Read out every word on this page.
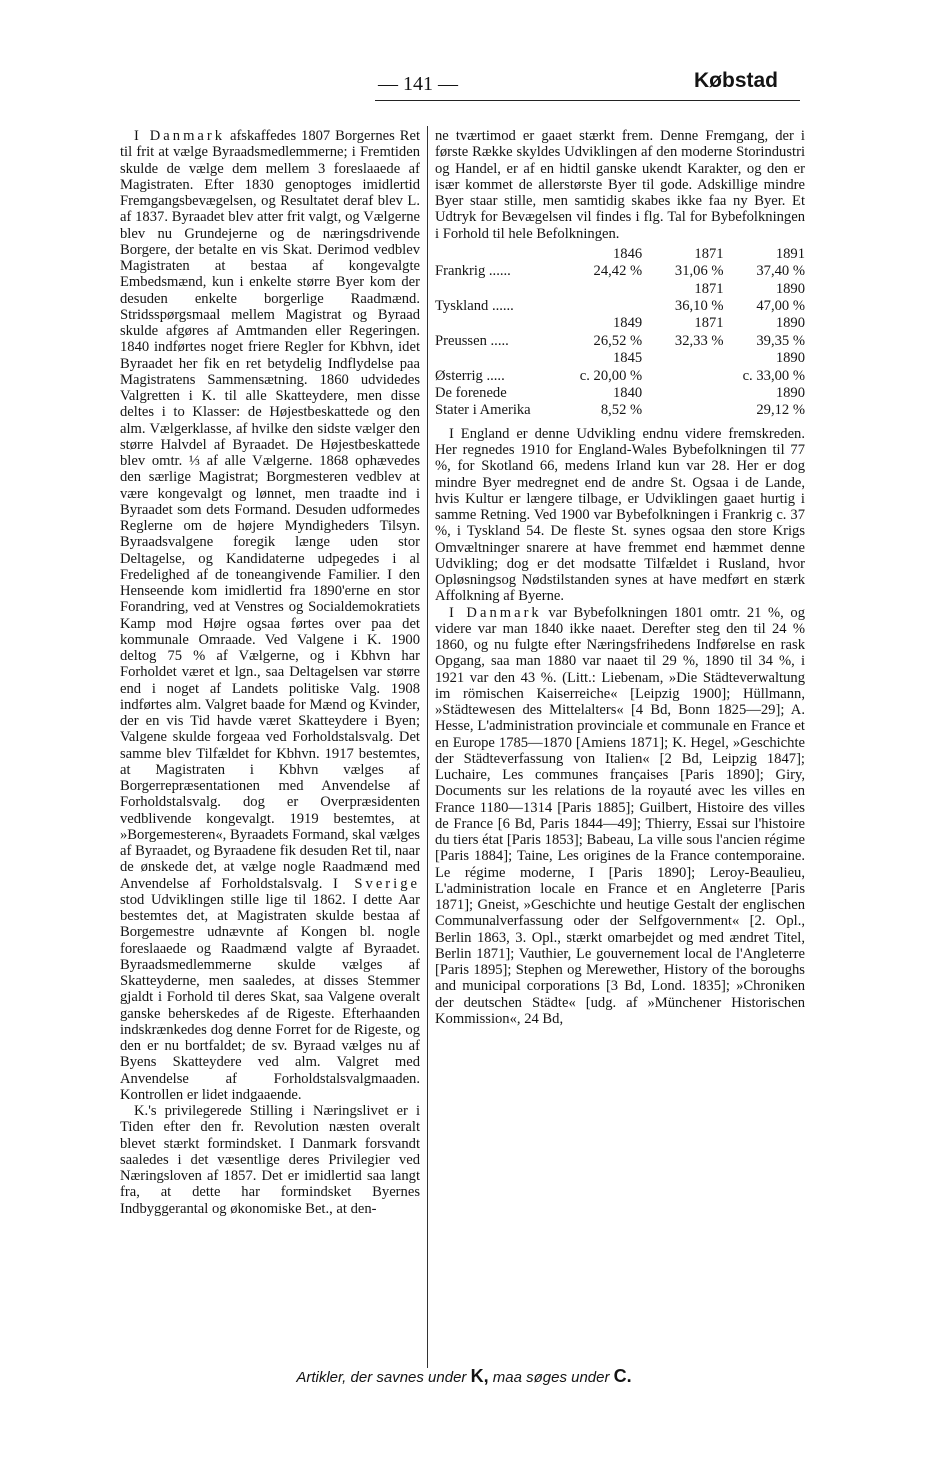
— 141 —	Købstad

I Danmark afskaffedes 1807 Borgernes Ret til frit at vælge Byraadsmedlemmerne; i Fremtiden skulde de vælge dem mellem 3 foreslaaede af Magistraten. Efter 1830 genoptoges imidlertid Fremgangsbevægelsen, og Resultatet deraf blev L. af 1837. Byraadet blev atter frit valgt, og Vælgerne blev nu Grundejerne og de næringsdrivende Borgere, der betalte en vis Skat. Derimod vedblev Magistraten at bestaa af kongevalgte Embedsmænd, kun i enkelte større Byer kom der desuden enkelte borgerlige Raadmænd. Stridsspørgsmaal mellem Magistrat og Byraad skulde afgøres af Amtmanden eller Regeringen. 1840 indførtes noget friere Regler for Kbhvn, idet Byraadet her fik en ret betydelig Indflydelse paa Magistratens Sammensætning. 1860 udvidedes Valgretten i K. til alle Skatteydere, men disse deltes i to Klasser: de Højestbeskattede og den alm. Vælgerklasse, af hvilke den sidste vælger den større Halvdel af Byraadet. De Højestbeskattede blev omtr. ⅓ af alle Vælgerne. 1868 ophævedes den særlige Magistrat; Borgmesteren vedblev at være kongevalgt og lønnet, men traadte ind i Byraadet som dets Formand. Desuden udformedes Reglerne om de højere Myndigheders Tilsyn. Byraadsvalgene foregik længe uden stor Deltagelse, og Kandidaterne udpegedes i al Fredelighed af de toneangivende Familier. I den Henseende kom imidlertid fra 1890'erne en stor Forandring, ved at Venstres og Socialdemokratiets Kamp mod Højre ogsaa førtes over paa det kommunale Omraade. Ved Valgene i K. 1900 deltog 75 % af Vælgerne, og i Kbhvn har Forholdet været et lgn., saa Deltagelsen var større end i noget af Landets politiske Valg. 1908 indførtes alm. Valgret baade for Mænd og Kvinder, der en vis Tid havde været Skatteydere i Byen; Valgene skulde forgeaa ved Forholdstalsvalg. Det samme blev Tilfældet for Kbhvn. 1917 bestemtes, at Magistraten i Kbhvn vælges af Borgerrepræsentationen med Anvendelse af Forholdstalsvalg. dog er Overpræsidenten vedblivende kongevalgt. 1919 bestemtes, at »Borgemesteren«, Byraadets Formand, skal vælges af Byraadet, og Byraadene fik desuden Ret til, naar de ønskede det, at vælge nogle Raadmænd med Anvendelse af Forholdstalsvalg. I Sverige stod Udviklingen stille lige til 1862. I dette Aar bestemtes det, at Magistraten skulde bestaa af Borgemestre udnævnte af Kongen bl. nogle foreslaaede og Raadmænd valgte af Byraadet. Byraadsmedlemmerne skulde vælges af Skatteyderne, men saaledes, at disses Stemmer gjaldt i Forhold til deres Skat, saa Valgene overalt ganske beherskedes af de Rigeste. Efterhaanden indskrænkedes dog denne Forret for de Rigeste, og den er nu bortfaldet; de sv. Byraad vælges nu af Byens Skatteydere ved alm. Valgret med Anvendelse af Forholdstalsvalgmaaden. Kontrollen er lidet indgaaende.

K.'s privilegerede Stilling i Næringslivet er i Tiden efter den fr. Revolution næsten overalt blevet stærkt formindsket. I Danmark forsvandt saaledes i det væsentlige deres Privilegier ved Næringsloven af 1857. Det er imidlertid saa langt fra, at dette har formindsket Byernes Indbyggerantal og økonomiske Bet., at den-

ne tværtimod er gaaet stærkt frem. Denne Fremgang, der i første Række skyldes Udviklingen af den moderne Storindustri og Handel, er af en hidtil ganske ukendt Karakter, og den er især kommet de allerstørste Byer til gode. Adskillige mindre Byer staar stille, men samtidig skabes ikke faa ny Byer. Et Udtryk for Bevægelsen vil findes i flg. Tal for Bybefolkningen i Forhold til hele Befolkningen.

	1846	1871	1891
Frankrig ......	24,42 %	31,06 %	37,40 %
		1871	1890
Tyskland ......		36,10 %	47,00 %
	1849	1871	1890
Preussen .....	26,52 %	32,33 %	39,35 %
	1845		1890
Østerrig .....	c. 20,00 %		c. 33,00 %
De forenede	1840		1890
Stater i Amerika	8,52 %		29,12 %

I England er denne Udvikling endnu videre fremskreden. Her regnedes 1910 for England-Wales Bybefolkningen til 77 %, for Skotland 66, medens Irland kun var 28. Her er dog mindre Byer medregnet end de andre St. Ogsaa i de Lande, hvis Kultur er længere tilbage, er Udviklingen gaaet hurtig i samme Retning. Ved 1900 var Bybefolkningen i Frankrig c. 37 %, i Tyskland 54. De fleste St. synes ogsaa den store Krigs Omvæltninger snarere at have fremmet end hæmmet denne Udvikling; dog er det modsatte Tilfældet i Rusland, hvor Opløsningsog Nødstilstanden synes at have medført en stærk Affolkning af Byerne.

I Danmark var Bybefolkningen 1801 omtr. 21 %, og videre var man 1840 ikke naaet. Derefter steg den til 24 % 1860, og nu fulgte efter Næringsfrihedens Indførelse en rask Opgang, saa man 1880 var naaet til 29 %, 1890 til 34 %, i 1921 var den 43 %. (Litt.: Liebenam, »Die Städteverwaltung im römischen Kaiserreiche« [Leipzig 1900]; Hüllmann, »Städtewesen des Mittelalters« [4 Bd, Bonn 1825—29]; A. Hesse, L'administration provinciale et communale en France et en Europe 1785—1870 [Amiens 1871]; K. Hegel, »Geschichte der Städteverfassung von Italien« [2 Bd, Leipzig 1847]; Luchaire, Les communes françaises [Paris 1890]; Giry, Documents sur les relations de la royauté avec les villes en France 1180—1314 [Paris 1885]; Guilbert, Histoire des villes de France [6 Bd, Paris 1844—49]; Thierry, Essai sur l'histoire du tiers état [Paris 1853]; Babeau, La ville sous l'ancien régime [Paris 1884]; Taine, Les origines de la France contemporaine. Le régime moderne, I [Paris 1890]; Leroy-Beaulieu, L'administration locale en France et en Angleterre [Paris 1871]; Gneist, »Geschichte und heutige Gestalt der englischen Communalverfassung oder der Selfgovernment« [2. Opl., Berlin 1863, 3. Opl., stærkt omarbejdet og med ændret Titel, Berlin 1871]; Vauthier, Le gouvernement local de l'Angleterre [Paris 1895]; Stephen og Merewether, History of the boroughs and municipal corporations [3 Bd, Lond. 1835]; »Chroniken der deutschen Städte« [udg. af »Münchener Historischen Kommission«, 24 Bd,

Artikler, der savnes under K, maa søges under C.
